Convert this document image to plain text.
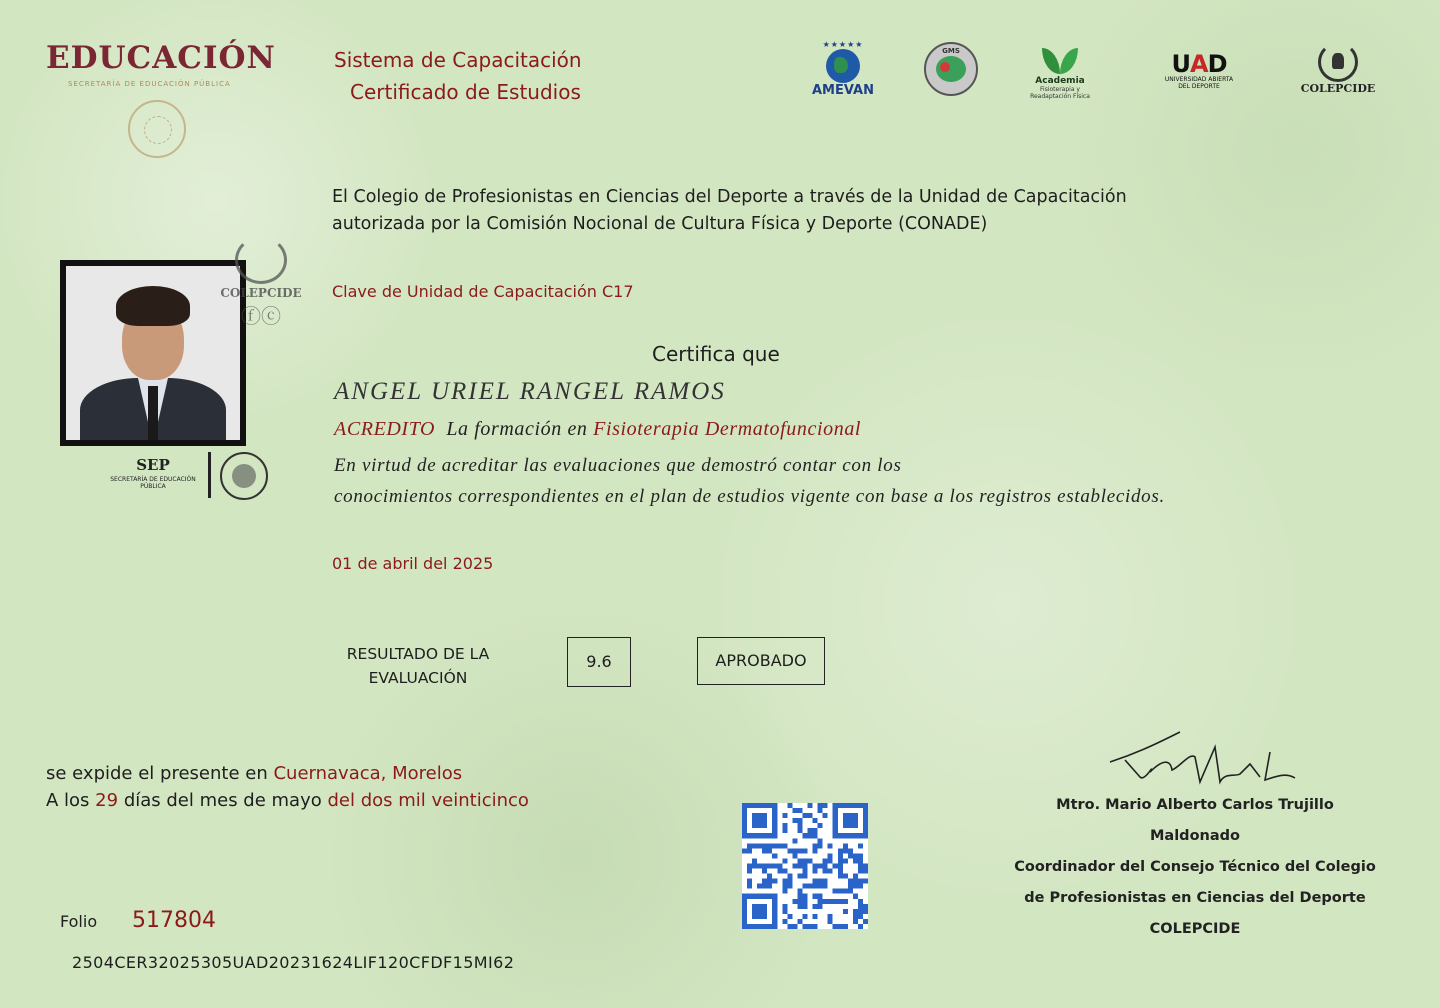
EDUCACIÓN
SECRETARÍA DE EDUCACIÓN PÚBLICA
Sistema de Capacitación
Certificado de Estudios
★★★★★
AMEVAN
GMS
Academia
Fisioterapia y Readaptación Física
UAD
UNIVERSIDAD ABIERTA DEL DEPORTE	COLEPCIDE
El Colegio de Profesionistas en Ciencias del Deporte a través de la Unidad de Capacitación
autorizada por la Comisión Nocional de Cultura Física y Deporte (CONADE)
Clave de Unidad de Capacitación C17
Certifica que
ANGEL URIEL RANGEL RAMOS
ACREDITO La formación en Fisioterapia Dermatofuncional
En virtud de acreditar las evaluaciones que demostró contar con los
conocimientos correspondientes en el plan de estudios vigente con base a los registros establecidos.
01 de abril del 2025
RESULTADO DE LA
EVALUACIÓN
9.6	APROBADO
se expide el presente en Cuernavaca, Morelos
A los 29 días del mes de mayo del dos mil veinticinco
Folio 517804
2504CER32025305UAD20231624LIF120CFDF15MI62
COLEPCIDE
ⓕⓒ
SEP
SECRETARÍA DE EDUCACIÓN PÚBLICA
Mtro. Mario Alberto Carlos Trujillo
Maldonado
Coordinador del Consejo Técnico del Colegio
de Profesionistas en Ciencias del Deporte
COLEPCIDE
